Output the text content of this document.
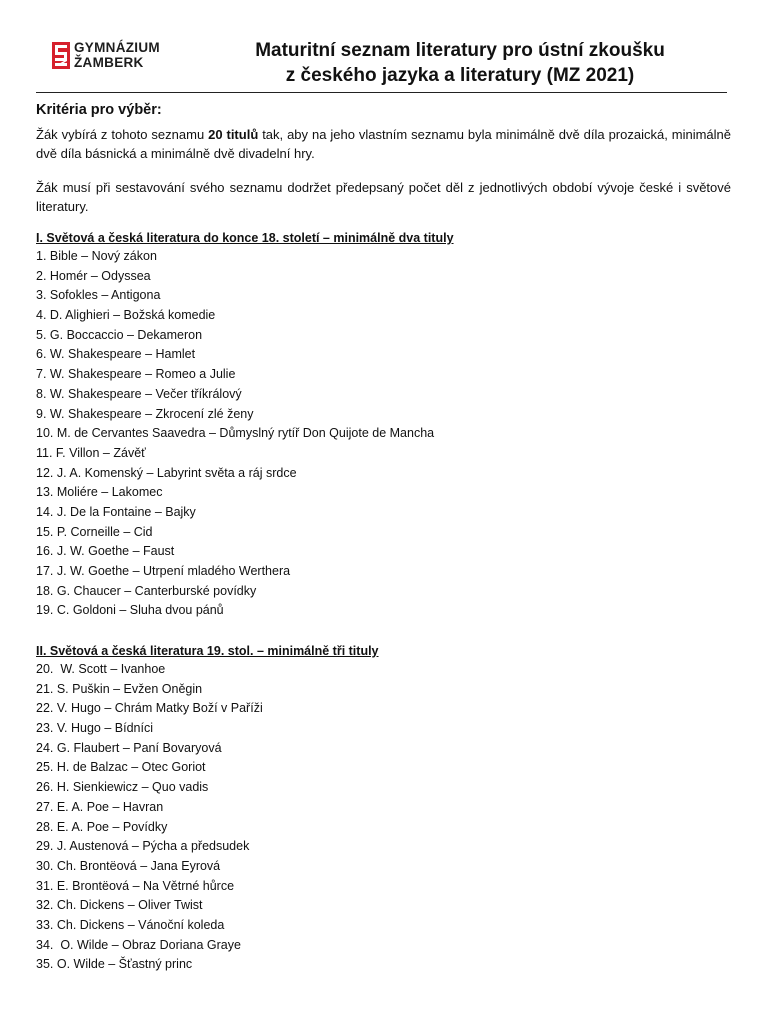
GYMNÁZIUM
ŽAMBERK
Maturitní seznam literatury pro ústní zkoušku
z českého jazyka a literatury (MZ 2021)
Kritéria pro výběr:
Žák vybírá z tohoto seznamu 20 titulů tak, aby na jeho vlastním seznamu byla minimálně dvě díla prozaická, minimálně dvě díla básnická a minimálně dvě divadelní hry.
Žák musí při sestavování svého seznamu dodržet předepsaný počet děl z jednotlivých období vývoje české i světové literatury.
I. Světová a česká literatura do konce 18. století – minimálně dva tituly
1. Bible – Nový zákon
2. Homér – Odyssea
3. Sofokles – Antigona
4. D. Alighieri – Božská komedie
5. G. Boccaccio – Dekameron
6. W. Shakespeare – Hamlet
7. W. Shakespeare – Romeo a Julie
8. W. Shakespeare – Večer tříkrálový
9. W. Shakespeare – Zkrocení zlé ženy
10. M. de Cervantes Saavedra – Důmyslný rytíř Don Quijote de Mancha
11. F. Villon – Závěť
12. J. A. Komenský – Labyrint světa a ráj srdce
13. Moliére – Lakomec
14. J. De la Fontaine – Bajky
15. P. Corneille – Cid
16. J. W. Goethe – Faust
17. J. W. Goethe – Utrpení mladého Werthera
18. G. Chaucer – Canterburské povídky
19. C. Goldoni – Sluha dvou pánů
II. Světová a česká literatura 19. stol. – minimálně tři tituly
20.  W. Scott – Ivanhoe
21. S. Puškin – Evžen Oněgin
22. V. Hugo – Chrám Matky Boží v Paříži
23. V. Hugo – Bídníci
24. G. Flaubert – Paní Bovaryová
25. H. de Balzac – Otec Goriot
26. H. Sienkiewicz – Quo vadis
27. E. A. Poe – Havran
28. E. A. Poe – Povídky
29. J. Austenová – Pýcha a předsudek
30. Ch. Brontëová – Jana Eyrová
31. E. Brontëová – Na Větrné hůrce
32. Ch. Dickens – Oliver Twist
33. Ch. Dickens – Vánoční koleda
34.  O. Wilde – Obraz Doriana Graye
35. O. Wilde – Šťastný princ
